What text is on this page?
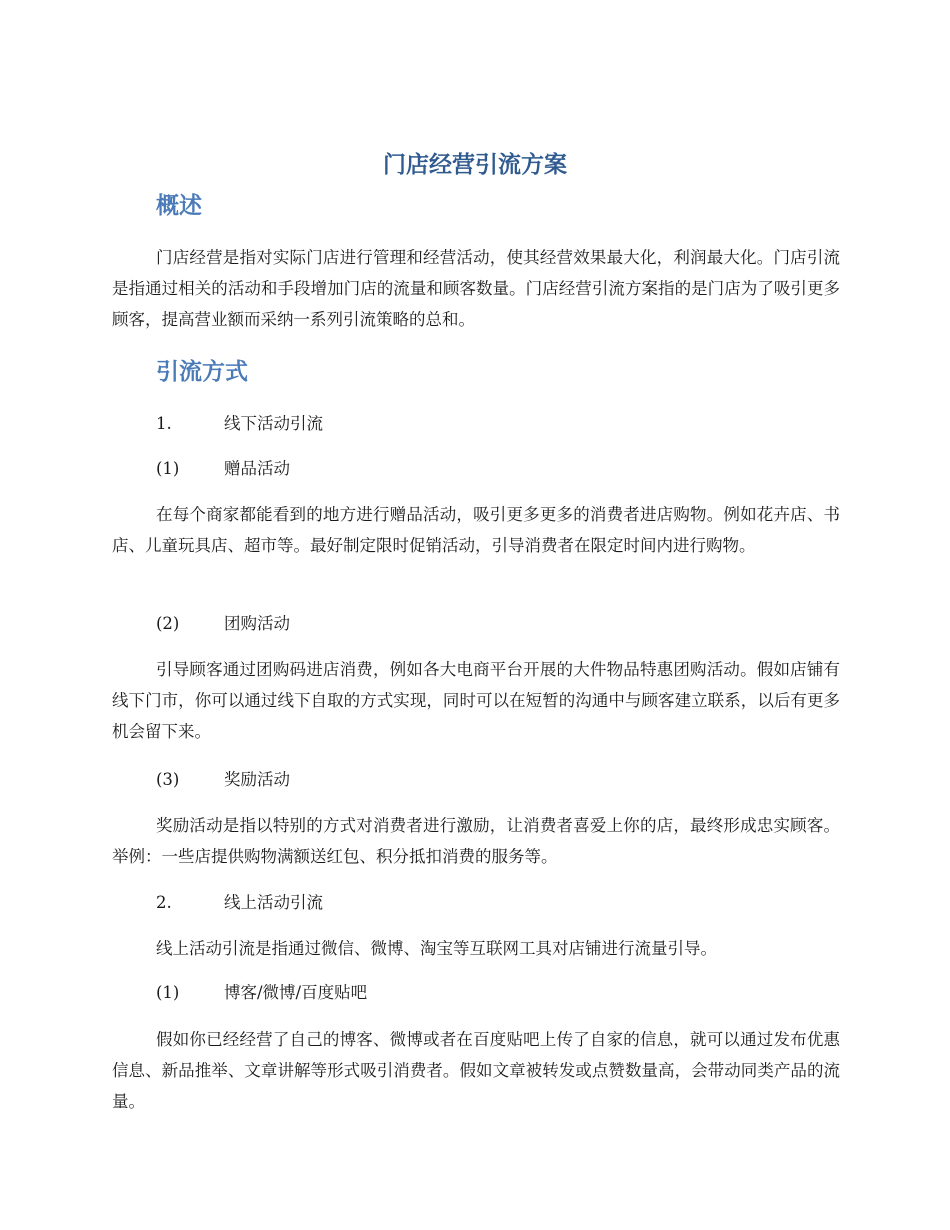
门店经营引流方案
概述

门店经营是指对实际门店进行管理和经营活动，使其经营效果最大化，利润最大化。门店引流是指通过相关的活动和手段增加门店的流量和顾客数量。门店经营引流方案指的是门店为了吸引更多顾客，提高营业额而采纳一系列引流策略的总和。

引流方式
1.	线下活动引流
(1)	赠品活动

在每个商家都能看到的地方进行赠品活动，吸引更多更多的消费者进店购物。例如花卉店、书店、儿童玩具店、超市等。最好制定限时促销活动，引导消费者在限定时间内进行购物。

(2)	团购活动

引导顾客通过团购码进店消费，例如各大电商平台开展的大件物品特惠团购活动。假如店铺有线下门市，你可以通过线下自取的方式实现，同时可以在短暂的沟通中与顾客建立联系，以后有更多机会留下来。

(3)	奖励活动

奖励活动是指以特别的方式对消费者进行激励，让消费者喜爱上你的店，最终形成忠实顾客。举例：一些店提供购物满额送红包、积分抵扣消费的服务等。

2.	线上活动引流

线上活动引流是指通过微信、微博、淘宝等互联网工具对店铺进行流量引导。

(1)	博客/微博/百度贴吧

假如你已经经营了自己的博客、微博或者在百度贴吧上传了自家的信息，就可以通过发布优惠信息、新品推举、文章讲解等形式吸引消费者。假如文章被转发或点赞数量高，会带动同类产品的流量。
